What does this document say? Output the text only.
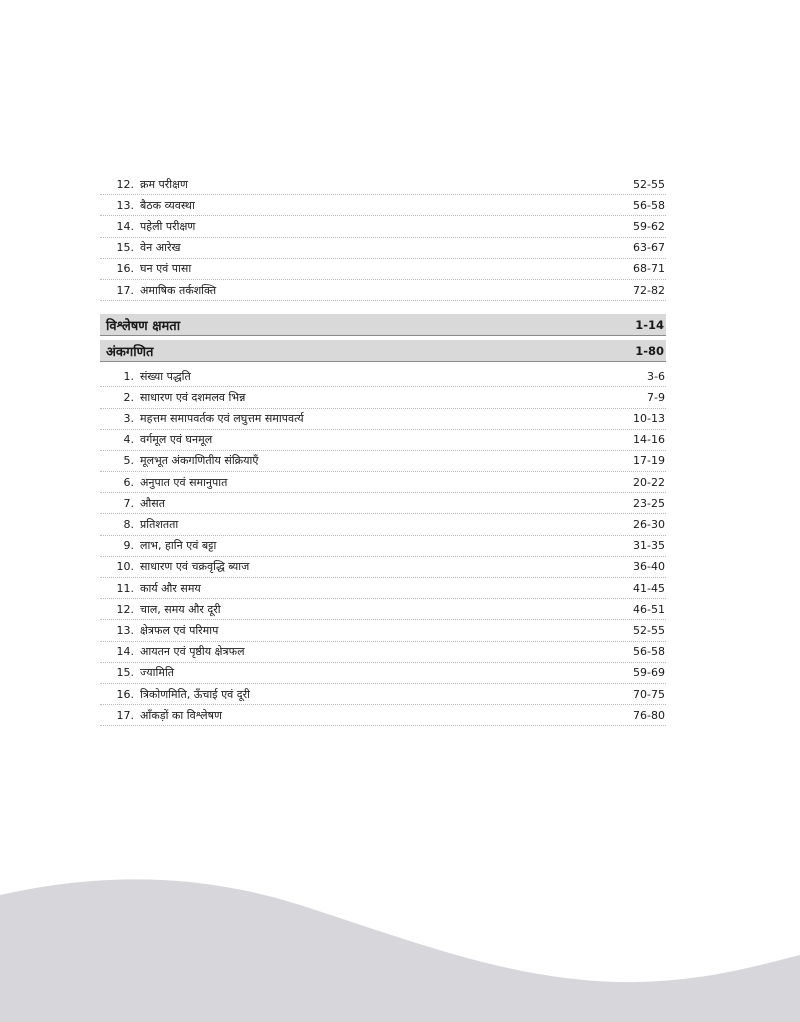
12. क्रम परीक्षण	52-55
13. बैठक व्यवस्था	56-58
14. पहेली परीक्षण	59-62
15. वेन आरेख	63-67
16. घन एवं पासा	68-71
17. अमाषिक तर्कशक्ति	72-82
विश्लेषण क्षमता	1-14
अंकगणित	1-80
1. संख्या पद्धति	3-6
2. साधारण एवं दशमलव भिन्न	7-9
3. महत्तम समापवर्तक एवं लघुत्तम समापवर्त्य	10-13
4. वर्गमूल एवं घनमूल	14-16
5. मूलभूत अंकगणितीय संक्रियाएँ	17-19
6. अनुपात एवं समानुपात	20-22
7. औसत	23-25
8. प्रतिशतता	26-30
9. लाभ, हानि एवं बट्टा	31-35
10. साधारण एवं चक्रवृद्धि ब्याज	36-40
11. कार्य और समय	41-45
12. चाल, समय और दूरी	46-51
13. क्षेत्रफल एवं परिमाप	52-55
14. आयतन एवं पृष्ठीय क्षेत्रफल	56-58
15. ज्यामिति	59-69
16. त्रिकोणमिति, ऊँचाई एवं दूरी	70-75
17. आँकड़ों का विश्लेषण	76-80
